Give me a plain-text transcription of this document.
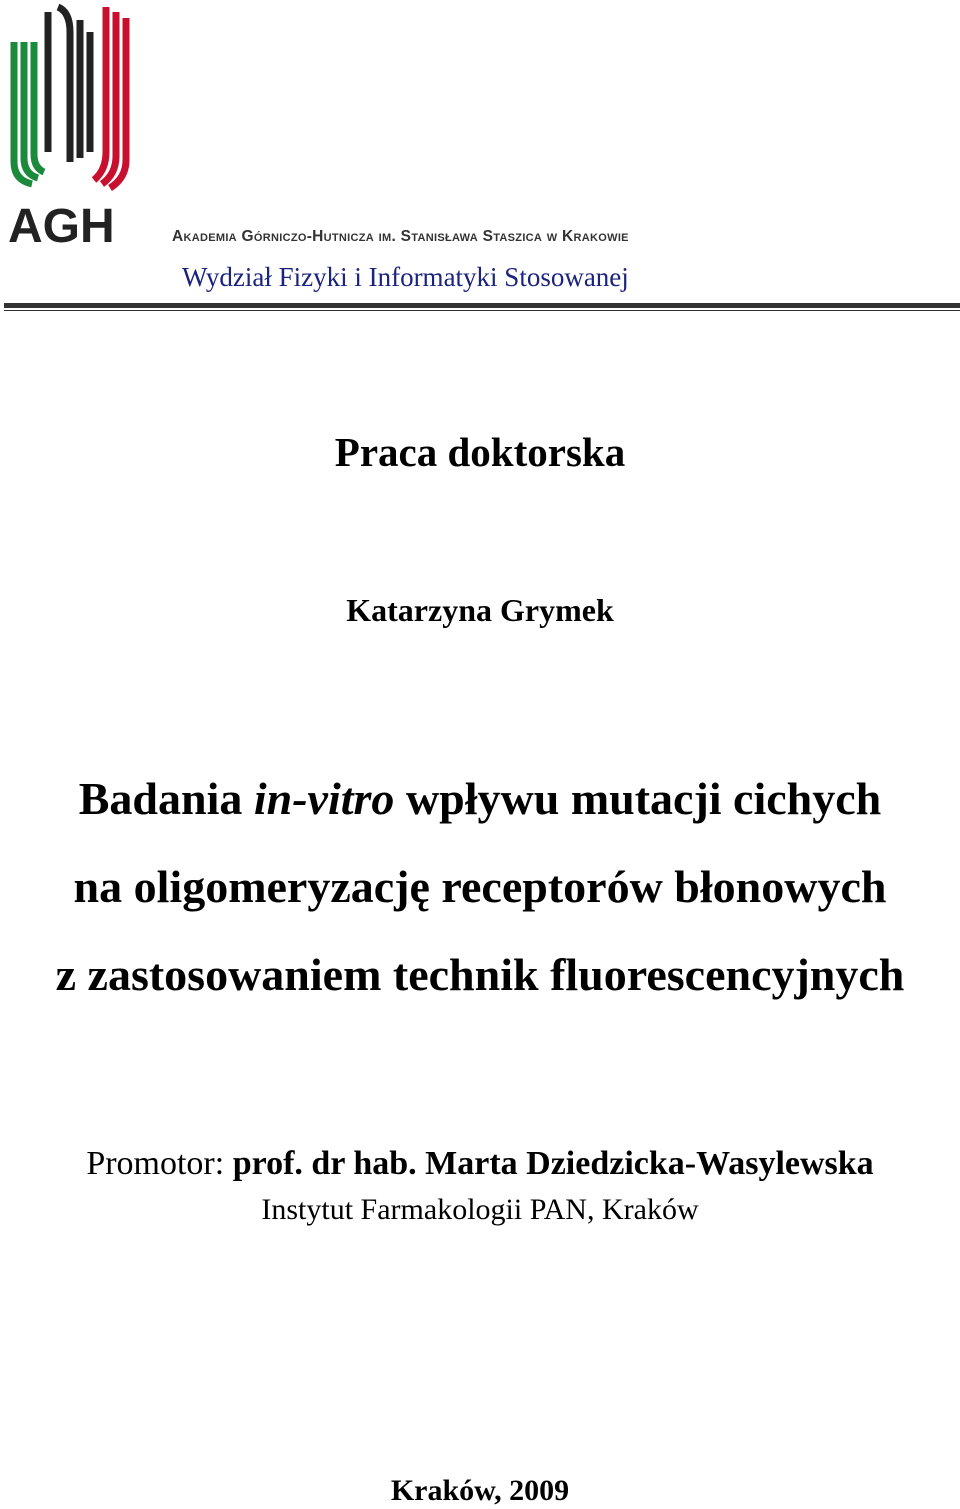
AGH	Akademia Górniczo-Hutnicza im. Stanisława Staszica w Krakowie
Wydział Fizyki i Informatyki Stosowanej
Praca doktorska
Katarzyna Grymek
Badania in-vitro wpływu mutacji cichych
na oligomeryzację receptorów błonowych
z zastosowaniem technik fluorescencyjnych
Promotor: prof. dr hab. Marta Dziedzicka-Wasylewska
Instytut Farmakologii PAN, Kraków
Kraków, 2009
